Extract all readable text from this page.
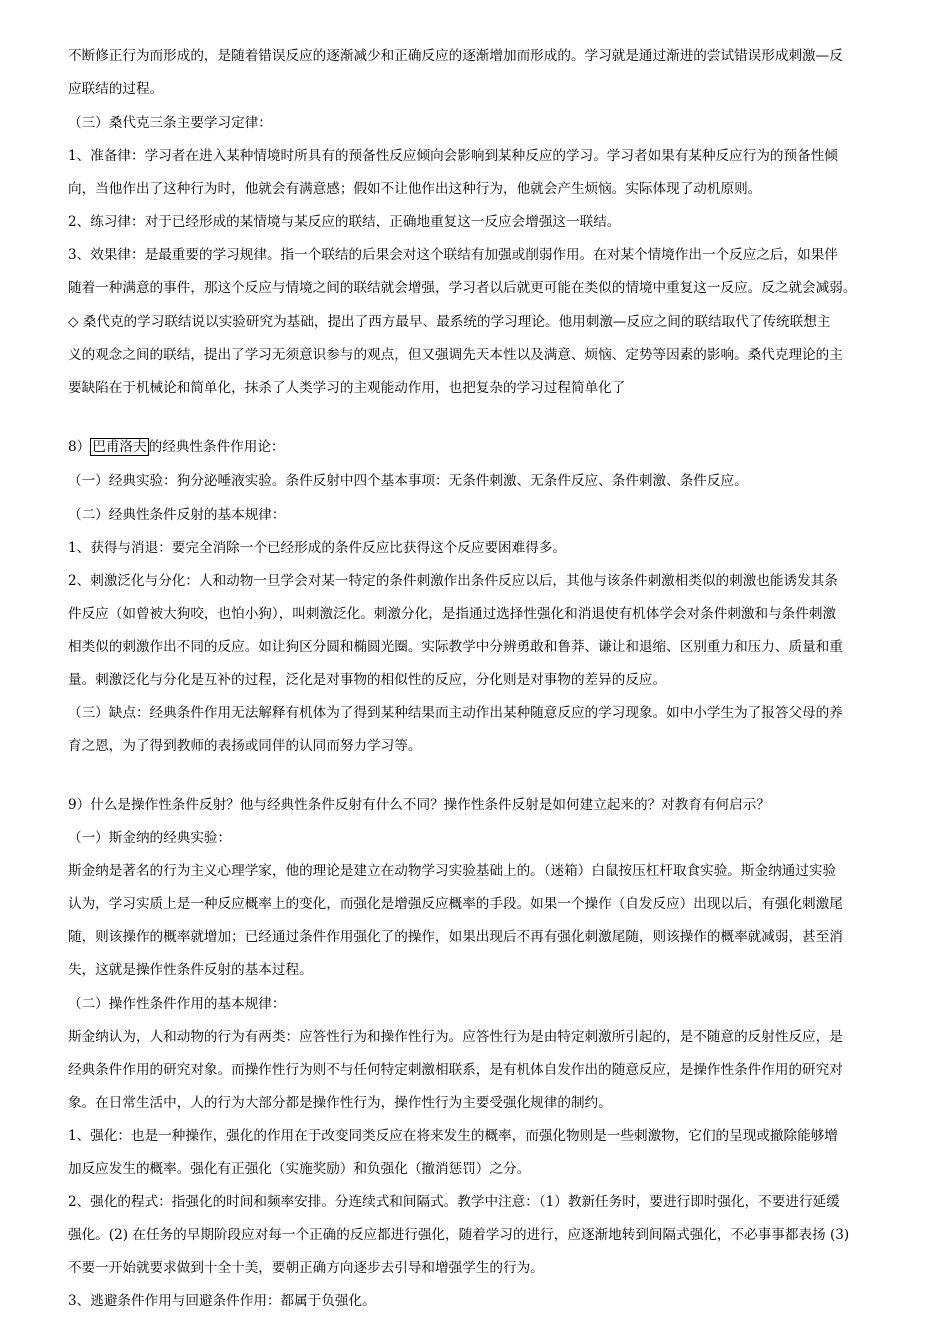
不断修正行为而形成的，是随着错误反应的逐渐减少和正确反应的逐渐增加而形成的。学习就是通过渐进的尝试错误形成刺激—反
应联结的过程。
（三）桑代克三条主要学习定律：
1、准备律：学习者在进入某种情境时所具有的预备性反应倾向会影响到某种反应的学习。学习者如果有某种反应行为的预备性倾
向，当他作出了这种行为时，他就会有满意感；假如不让他作出这种行为，他就会产生烦恼。实际体现了动机原则。
2、练习律：对于已经形成的某情境与某反应的联结，正确地重复这一反应会增强这一联结。
3、效果律：是最重要的学习规律。指一个联结的后果会对这个联结有加强或削弱作用。在对某个情境作出一个反应之后，如果伴
随着一种满意的事件，那这个反应与情境之间的联结就会增强，学习者以后就更可能在类似的情境中重复这一反应。反之就会减弱。
◇ 桑代克的学习联结说以实验研究为基础，提出了西方最早、最系统的学习理论。他用刺激—反应之间的联结取代了传统联想主
义的观念之间的联结，提出了学习无须意识参与的观点，但又强调先天本性以及满意、烦恼、定势等因素的影响。桑代克理论的主
要缺陷在于机械论和简单化，抹杀了人类学习的主观能动作用，也把复杂的学习过程简单化了
8） 巴甫洛夫 的经典性条件作用论：
（一）经典实验：狗分泌唾液实验。条件反射中四个基本事项：无条件刺激、无条件反应、条件刺激、条件反应。
（二）经典性条件反射的基本规律：
1、获得与消退：要完全消除一个已经形成的条件反应比获得这个反应要困难得多。
2、刺激泛化与分化：人和动物一旦学会对某一特定的条件刺激作出条件反应以后，其他与该条件刺激相类似的刺激也能诱发其条
件反应（如曾被大狗咬，也怕小狗），叫刺激泛化。刺激分化，是指通过选择性强化和消退使有机体学会对条件刺激和与条件刺激
相类似的刺激作出不同的反应。如让狗区分圆和椭圆光圈。实际教学中分辨勇敢和鲁莽、谦让和退缩、区别重力和压力、质量和重
量。刺激泛化与分化是互补的过程，泛化是对事物的相似性的反应，分化则是对事物的差异的反应。
（三）缺点：经典条件作用无法解释有机体为了得到某种结果而主动作出某种随意反应的学习现象。如中小学生为了报答父母的养
育之恩，为了得到教师的表扬或同伴的认同而努力学习等。
9）什么是操作性条件反射？他与经典性条件反射有什么不同？操作性条件反射是如何建立起来的？对教育有何启示？
（一）斯金纳的经典实验：
斯金纳是著名的行为主义心理学家，他的理论是建立在动物学习实验基础上的。（迷箱）白鼠按压杠杆取食实验。斯金纳通过实验
认为，学习实质上是一种反应概率上的变化，而强化是增强反应概率的手段。如果一个操作（自发反应）出现以后，有强化刺激尾
随，则该操作的概率就增加；已经通过条件作用强化了的操作，如果出现后不再有强化刺激尾随，则该操作的概率就减弱，甚至消
失，这就是操作性条件反射的基本过程。
（二）操作性条件作用的基本规律：
斯金纳认为，人和动物的行为有两类：应答性行为和操作性行为。应答性行为是由特定刺激所引起的，是不随意的反射性反应，是
经典条件作用的研究对象。而操作性行为则不与任何特定刺激相联系，是有机体自发作出的随意反应，是操作性条件作用的研究对
象。在日常生活中，人的行为大部分都是操作性行为，操作性行为主要受强化规律的制约。
1、强化：也是一种操作，强化的作用在于改变同类反应在将来发生的概率，而强化物则是一些刺激物，它们的呈现或撤除能够增
加反应发生的概率。强化有正强化（实施奖励）和负强化（撤消惩罚）之分。
2、强化的程式：指强化的时间和频率安排。分连续式和间隔式。教学中注意：（1）教新任务时，要进行即时强化，不要进行延缓
强化。(2) 在任务的早期阶段应对每一个正确的反应都进行强化，随着学习的进行，应逐渐地转到间隔式强化，不必事事都表扬 (3)
不要一开始就要求做到十全十美，要朝正确方向逐步去引导和增强学生的行为。
3、逃避条件作用与回避条件作用：都属于负强化。
